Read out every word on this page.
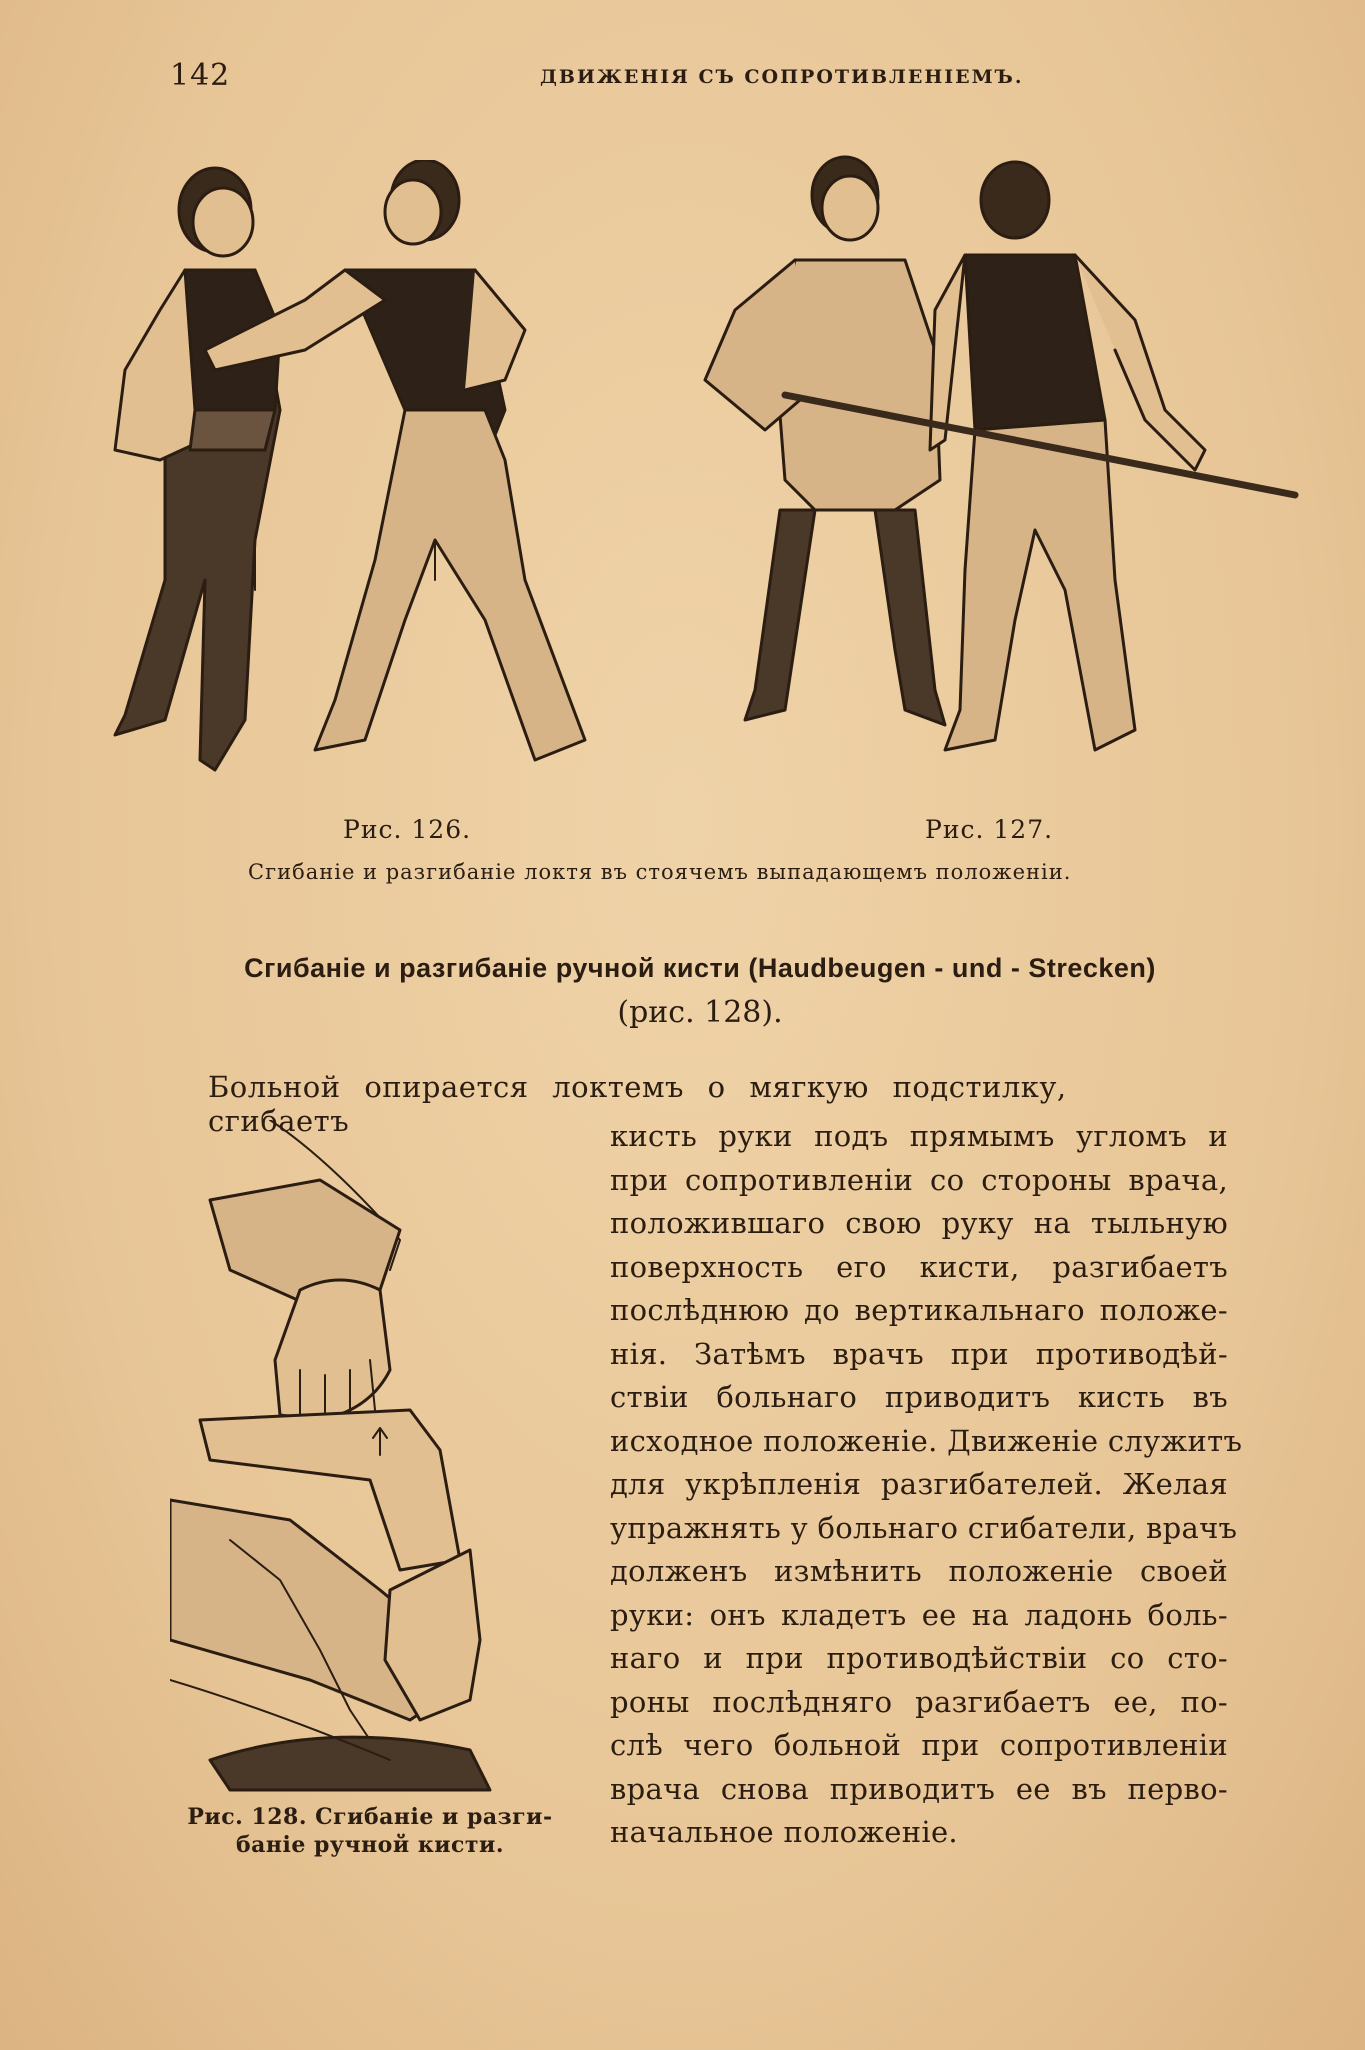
142	ДВИЖЕНІЯ СЪ СОПРОТИВЛЕНІЕМЪ.
Рис. 126.	Рис. 127.
Сгибаніе и разгибаніе локтя въ стоячемъ выпадающемъ положеніи.
Сгибаніе и разгибаніе ручной кисти (Haudbeugen - und - Strecken)
(рис. 128).
Больной опирается локтемъ о мягкую подстилку, сгибаетъ	кисть руки подъ прямымъ угломъ и
при сопротивленіи со стороны врача,
положившаго свою руку на тыльную
поверхность его кисти, разгибаетъ
послѣднюю до вертикальнаго положе-
нія. Затѣмъ врачъ при противодѣй-
ствіи больнаго приводитъ кисть въ
исходное положеніе. Движеніе служитъ
для укрѣпленія разгибателей. Желая
упражнять у больнаго сгибатели, врачъ
долженъ измѣнить положеніе своей
руки: онъ кладетъ ее на ладонь боль-
наго и при противодѣйствіи со сто-
роны послѣдняго разгибаетъ ее, по-
слѣ чего больной при сопротивленіи
врача снова приводитъ ее въ перво-
начальное положеніе.
Рис. 128. Сгибаніе и разги-
баніе ручной кисти.
